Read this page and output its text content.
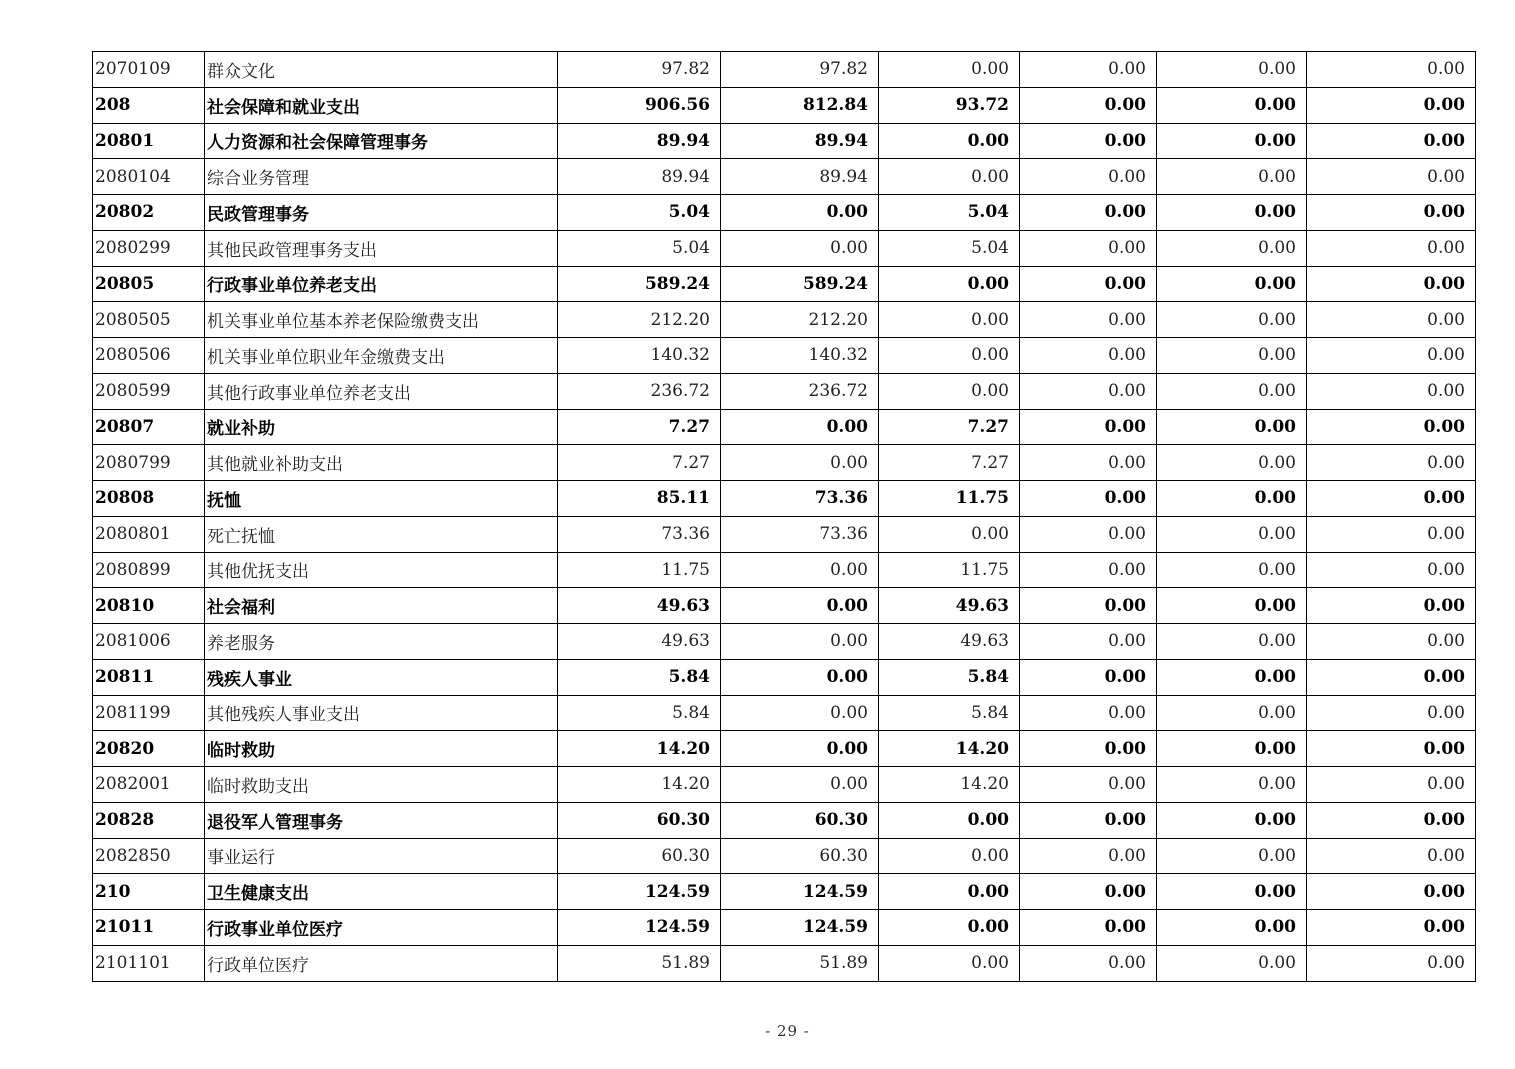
2070109	群众文化	97.82	97.82	0.00	0.00	0.00	0.00
208	社会保障和就业支出	906.56	812.84	93.72	0.00	0.00	0.00
20801	人力资源和社会保障管理事务	89.94	89.94	0.00	0.00	0.00	0.00
2080104	综合业务管理	89.94	89.94	0.00	0.00	0.00	0.00
20802	民政管理事务	5.04	0.00	5.04	0.00	0.00	0.00
2080299	其他民政管理事务支出	5.04	0.00	5.04	0.00	0.00	0.00
20805	行政事业单位养老支出	589.24	589.24	0.00	0.00	0.00	0.00
2080505	机关事业单位基本养老保险缴费支出	212.20	212.20	0.00	0.00	0.00	0.00
2080506	机关事业单位职业年金缴费支出	140.32	140.32	0.00	0.00	0.00	0.00
2080599	其他行政事业单位养老支出	236.72	236.72	0.00	0.00	0.00	0.00
20807	就业补助	7.27	0.00	7.27	0.00	0.00	0.00
2080799	其他就业补助支出	7.27	0.00	7.27	0.00	0.00	0.00
20808	抚恤	85.11	73.36	11.75	0.00	0.00	0.00
2080801	死亡抚恤	73.36	73.36	0.00	0.00	0.00	0.00
2080899	其他优抚支出	11.75	0.00	11.75	0.00	0.00	0.00
20810	社会福利	49.63	0.00	49.63	0.00	0.00	0.00
2081006	养老服务	49.63	0.00	49.63	0.00	0.00	0.00
20811	残疾人事业	5.84	0.00	5.84	0.00	0.00	0.00
2081199	其他残疾人事业支出	5.84	0.00	5.84	0.00	0.00	0.00
20820	临时救助	14.20	0.00	14.20	0.00	0.00	0.00
2082001	临时救助支出	14.20	0.00	14.20	0.00	0.00	0.00
20828	退役军人管理事务	60.30	60.30	0.00	0.00	0.00	0.00
2082850	事业运行	60.30	60.30	0.00	0.00	0.00	0.00
210	卫生健康支出	124.59	124.59	0.00	0.00	0.00	0.00
21011	行政事业单位医疗	124.59	124.59	0.00	0.00	0.00	0.00
2101101	行政单位医疗	51.89	51.89	0.00	0.00	0.00	0.00
- 29 -
